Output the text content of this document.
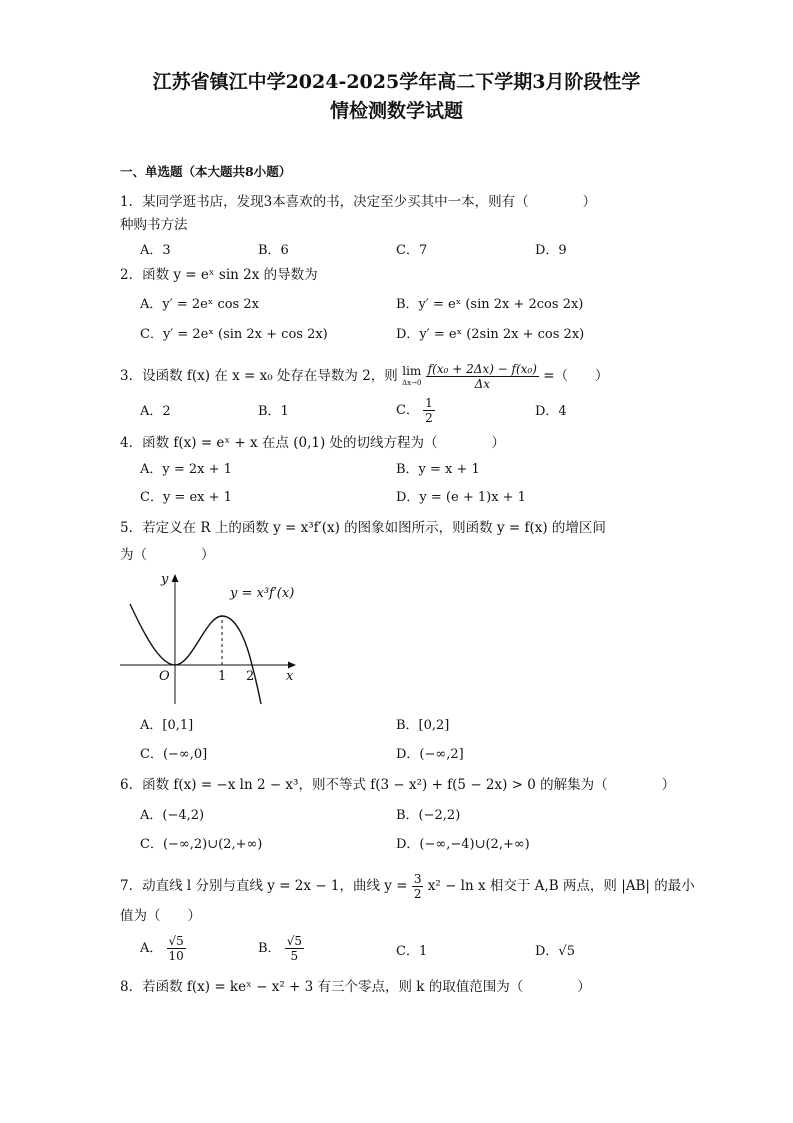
江苏省镇江中学2024-2025学年高二下学期3月阶段性学
情检测数学试题
一、单选题（本大题共8小题）
1．某同学逛书店，发现3本喜欢的书，决定至少买其中一本，则有（　　　　）
种购书方法
A．3	B．6	C．7	D．9
2．函数 y = eˣ sin 2x 的导数为
A．y′ = 2eˣ cos 2x	B．y′ = eˣ (sin 2x + 2cos 2x)
C．y′ = 2eˣ (sin 2x + cos 2x)	D．y′ = eˣ (2sin 2x + cos 2x)
3．设函数 f(x) 在 x = x₀ 处存在导数为 2，则 lim
Δx→0
$\frac{\text{f(x₀ + 2Δx) − f(x₀)}}{\Delta x}$ =（　　）
A．2	B．1	C． $\frac{1}{2}$	D．4
4．函数 f(x) = eˣ + x 在点 (0,1) 处的切线方程为（　　　　）
A．y = 2x + 1	B．y = x + 1
C．y = ex + 1	D．y = (e + 1)x + 1
5．若定义在 R 上的函数 y = x³f′(x) 的图象如图所示，则函数 y = f(x) 的增区间
为（　　　　）
y = x³f′(x)
y
x
O	1 2
A．[0,1]	B．[0,2]
C．(−∞,0]	D．(−∞,2]
6．函数 f(x) = −x ln 2 − x³，则不等式 f(3 − x²) + f(5 − 2x) > 0 的解集为（　　　　）
A．(−4,2)	B．(−2,2)
C．(−∞,2)∪(2,+∞)	D．(−∞,−4)∪(2,+∞)
7．动直线 l 分别与直线 y = 2x − 1，曲线 $y = \frac{3}{2} x^2 - \ln x$ 相交于 A,B 两点，则 |AB| 的最小
值为（　　）
A． $\frac{√5}{10}$	B． $\frac{√5}{5}$	C．1	D．√5
8．若函数 f(x) = keˣ − x² + 3 有三个零点，则 k 的取值范围为（　　　　）
